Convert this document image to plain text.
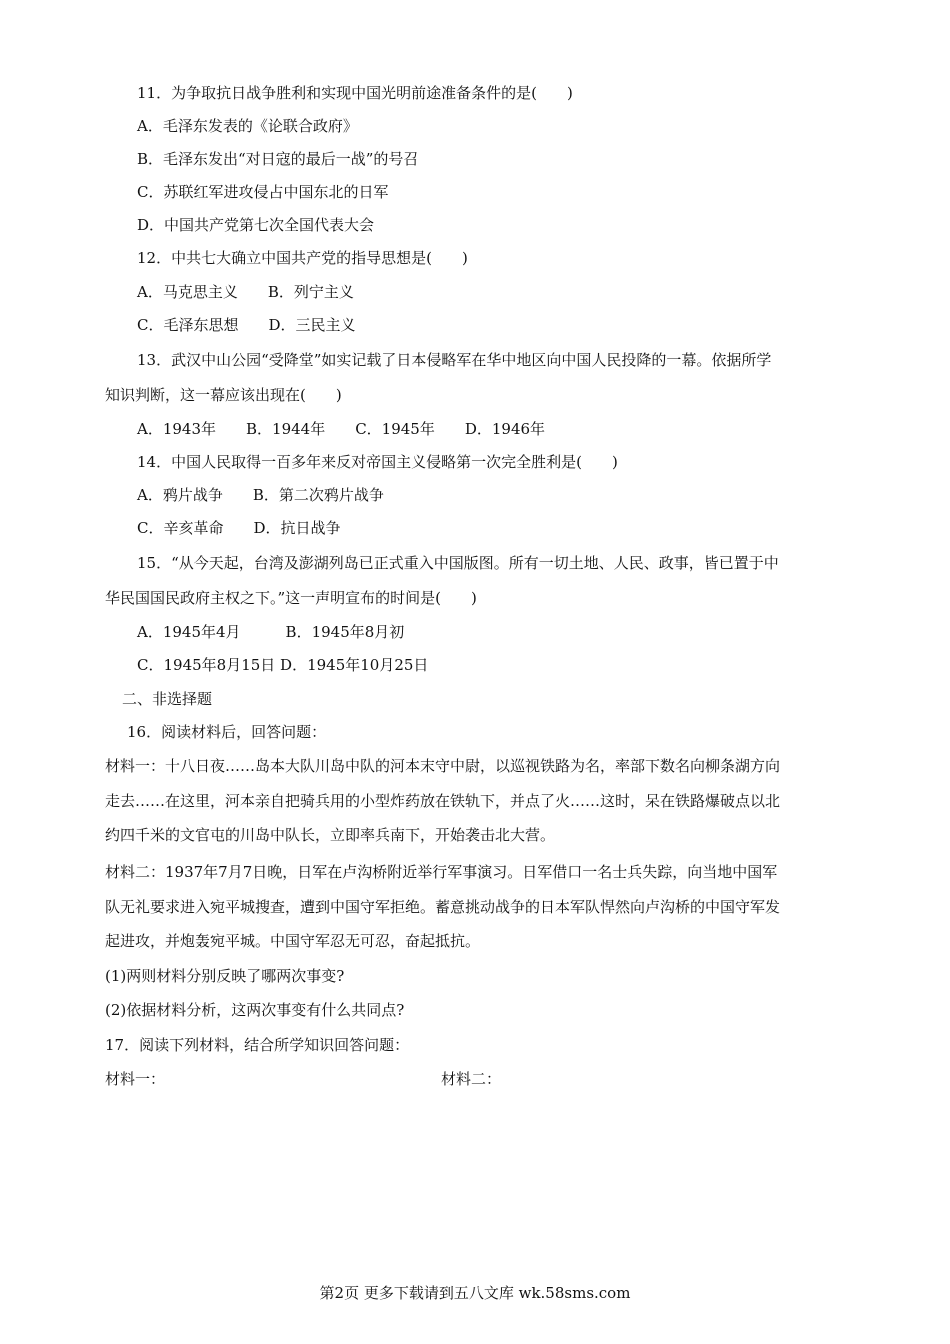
11．为争取抗日战争胜利和实现中国光明前途准备条件的是(　　)
A．毛泽东发表的《论联合政府》
B．毛泽东发出“对日寇的最后一战”的号召
C．苏联红军进攻侵占中国东北的日军
D．中国共产党第七次全国代表大会
12．中共七大确立中国共产党的指导思想是(　　)
A．马克思主义　　B．列宁主义
C．毛泽东思想　　D．三民主义
13．武汉中山公园“受降堂”如实记载了日本侵略军在华中地区向中国人民投降的一幕。依据所学
知识判断，这一幕应该出现在(　　)
A．1943年　　B．1944年　　C．1945年　　D．1946年
14．中国人民取得一百多年来反对帝国主义侵略第一次完全胜利是(　　)
A．鸦片战争　　B．第二次鸦片战争
C．辛亥革命　　D．抗日战争
15．“从今天起，台湾及澎湖列岛已正式重入中国版图。所有一切土地、人民、政事，皆已置于中
华民国国民政府主权之下。”这一声明宣布的时间是(　　)
A．1945年4月　　　B．1945年8月初
C．1945年8月15日 D．1945年10月25日
二、非选择题
16．阅读材料后，回答问题：
材料一：十八日夜……岛本大队川岛中队的河本末守中尉，以巡视铁路为名，率部下数名向柳条湖方向
走去……在这里，河本亲自把骑兵用的小型炸药放在铁轨下，并点了火……这时，呆在铁路爆破点以北
约四千米的文官屯的川岛中队长，立即率兵南下，开始袭击北大营。
材料二：1937年7月7日晚，日军在卢沟桥附近举行军事演习。日军借口一名士兵失踪，向当地中国军
队无礼要求进入宛平城搜查，遭到中国守军拒绝。蓄意挑动战争的日本军队悍然向卢沟桥的中国守军发
起进攻，并炮轰宛平城。中国守军忍无可忍，奋起抵抗。
(1)两则材料分别反映了哪两次事变?
(2)依据材料分析，这两次事变有什么共同点?
17．阅读下列材料，结合所学知识回答问题：
材料一：	材料二：
第2页 更多下载请到五八文库 wk.58sms.com
